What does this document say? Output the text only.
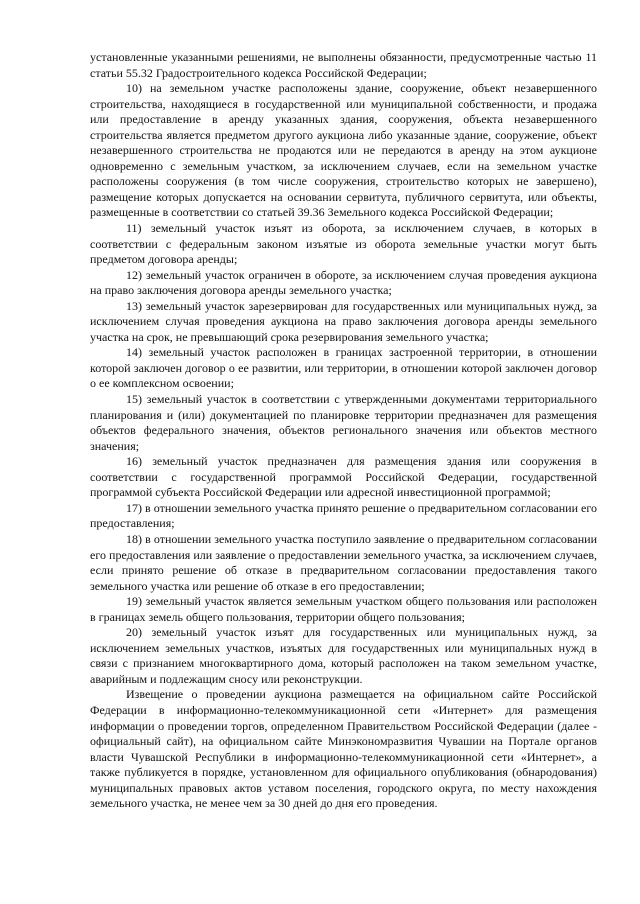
установленные указанными решениями, не выполнены обязанности, предусмотренные частью 11 статьи 55.32 Градостроительного кодекса Российской Федерации;

10) на земельном участке расположены здание, сооружение, объект незавершенного строительства, находящиеся в государственной или муниципальной собственности, и продажа или предоставление в аренду указанных здания, сооружения, объекта незавершенного строительства является предметом другого аукциона либо указанные здание, сооружение, объект незавершенного строительства не продаются или не передаются в аренду на этом аукционе одновременно с земельным участком, за исключением случаев, если на земельном участке расположены сооружения (в том числе сооружения, строительство которых не завершено), размещение которых допускается на основании сервитута, публичного сервитута, или объекты, размещенные в соответствии со статьей 39.36 Земельного кодекса Российской Федерации;

11) земельный участок изъят из оборота, за исключением случаев, в которых в соответствии с федеральным законом изъятые из оборота земельные участки могут быть предметом договора аренды;

12) земельный участок ограничен в обороте, за исключением случая проведения аукциона на право заключения договора аренды земельного участка;

13) земельный участок зарезервирован для государственных или муниципальных нужд, за исключением случая проведения аукциона на право заключения договора аренды земельного участка на срок, не превышающий срока резервирования земельного участка;

14) земельный участок расположен в границах застроенной территории, в отношении которой заключен договор о ее развитии, или территории, в отношении которой заключен договор о ее комплексном освоении;

15) земельный участок в соответствии с утвержденными документами территориального планирования и (или) документацией по планировке территории предназначен для размещения объектов федерального значения, объектов регионального значения или объектов местного значения;

16) земельный участок предназначен для размещения здания или сооружения в соответствии с государственной программой Российской Федерации, государственной программой субъекта Российской Федерации или адресной инвестиционной программой;

17) в отношении земельного участка принято решение о предварительном согласовании его предоставления;

18) в отношении земельного участка поступило заявление о предварительном согласовании его предоставления или заявление о предоставлении земельного участка, за исключением случаев, если принято решение об отказе в предварительном согласовании предоставления такого земельного участка или решение об отказе в его предоставлении;

19) земельный участок является земельным участком общего пользования или расположен в границах земель общего пользования, территории общего пользования;

20) земельный участок изъят для государственных или муниципальных нужд, за исключением земельных участков, изъятых для государственных или муниципальных нужд в связи с признанием многоквартирного дома, который расположен на таком земельном участке, аварийным и подлежащим сносу или реконструкции.

Извещение о проведении аукциона размещается на официальном сайте Российской Федерации в информационно-телекоммуникационной сети «Интернет» для размещения информации о проведении торгов, определенном Правительством Российской Федерации (далее - официальный сайт), на официальном сайте Минэкономразвития Чувашии на Портале органов власти Чувашской Республики в информационно-телекоммуникационной сети «Интернет», а также публикуется в порядке, установленном для официального опубликования (обнародования) муниципальных правовых актов уставом поселения, городского округа, по месту нахождения земельного участка, не менее чем за 30 дней до дня его проведения.
